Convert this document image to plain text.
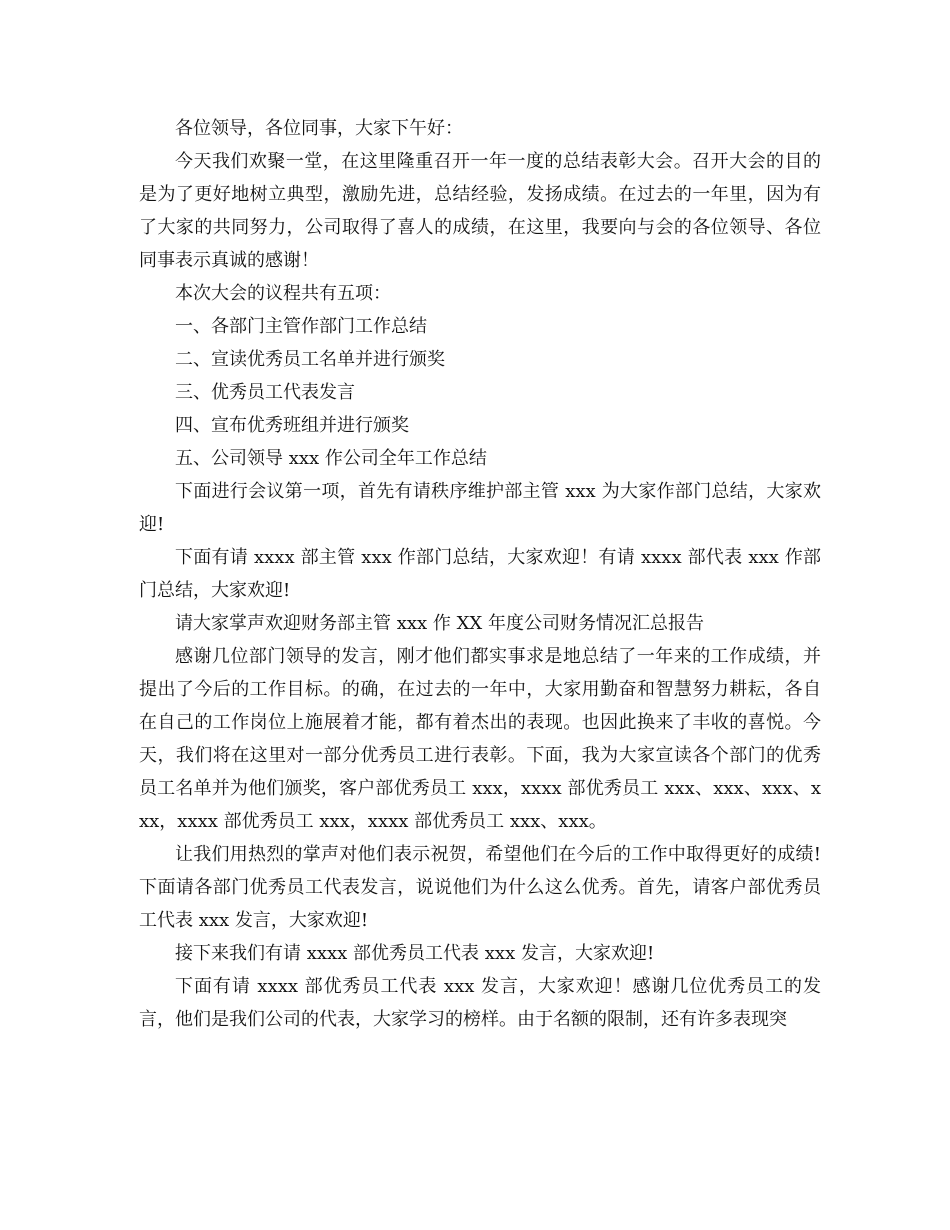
各位领导，各位同事，大家下午好：

今天我们欢聚一堂，在这里隆重召开一年一度的总结表彰大会。召开大会的目的是为了更好地树立典型，激励先进，总结经验，发扬成绩。在过去的一年里，因为有了大家的共同努力，公司取得了喜人的成绩，在这里，我要向与会的各位领导、各位同事表示真诚的感谢！

本次大会的议程共有五项：

一、各部门主管作部门工作总结

二、宣读优秀员工名单并进行颁奖

三、优秀员工代表发言

四、宣布优秀班组并进行颁奖

五、公司领导 xxx 作公司全年工作总结

下面进行会议第一项，首先有请秩序维护部主管 xxx 为大家作部门总结，大家欢迎!

下面有请 xxxx 部主管 xxx 作部门总结，大家欢迎！有请 xxxx 部代表 xxx 作部门总结，大家欢迎!

请大家掌声欢迎财务部主管 xxx 作 XX 年度公司财务情况汇总报告

感谢几位部门领导的发言，刚才他们都实事求是地总结了一年来的工作成绩，并提出了今后的工作目标。的确，在过去的一年中，大家用勤奋和智慧努力耕耘，各自在自己的工作岗位上施展着才能，都有着杰出的表现。也因此换来了丰收的喜悦。今天，我们将在这里对一部分优秀员工进行表彰。下面，我为大家宣读各个部门的优秀员工名单并为他们颁奖，客户部优秀员工 xxx，xxxx 部优秀员工 xxx、xxx、xxx、xxx，xxxx 部优秀员工 xxx，xxxx 部优秀员工 xxx、xxx。

让我们用热烈的掌声对他们表示祝贺，希望他们在今后的工作中取得更好的成绩!下面请各部门优秀员工代表发言，说说他们为什么这么优秀。首先，请客户部优秀员工代表 xxx 发言，大家欢迎!

接下来我们有请 xxxx 部优秀员工代表 xxx 发言，大家欢迎!

下面有请 xxxx 部优秀员工代表 xxx 发言，大家欢迎！感谢几位优秀员工的发言，他们是我们公司的代表，大家学习的榜样。由于名额的限制，还有许多表现突
